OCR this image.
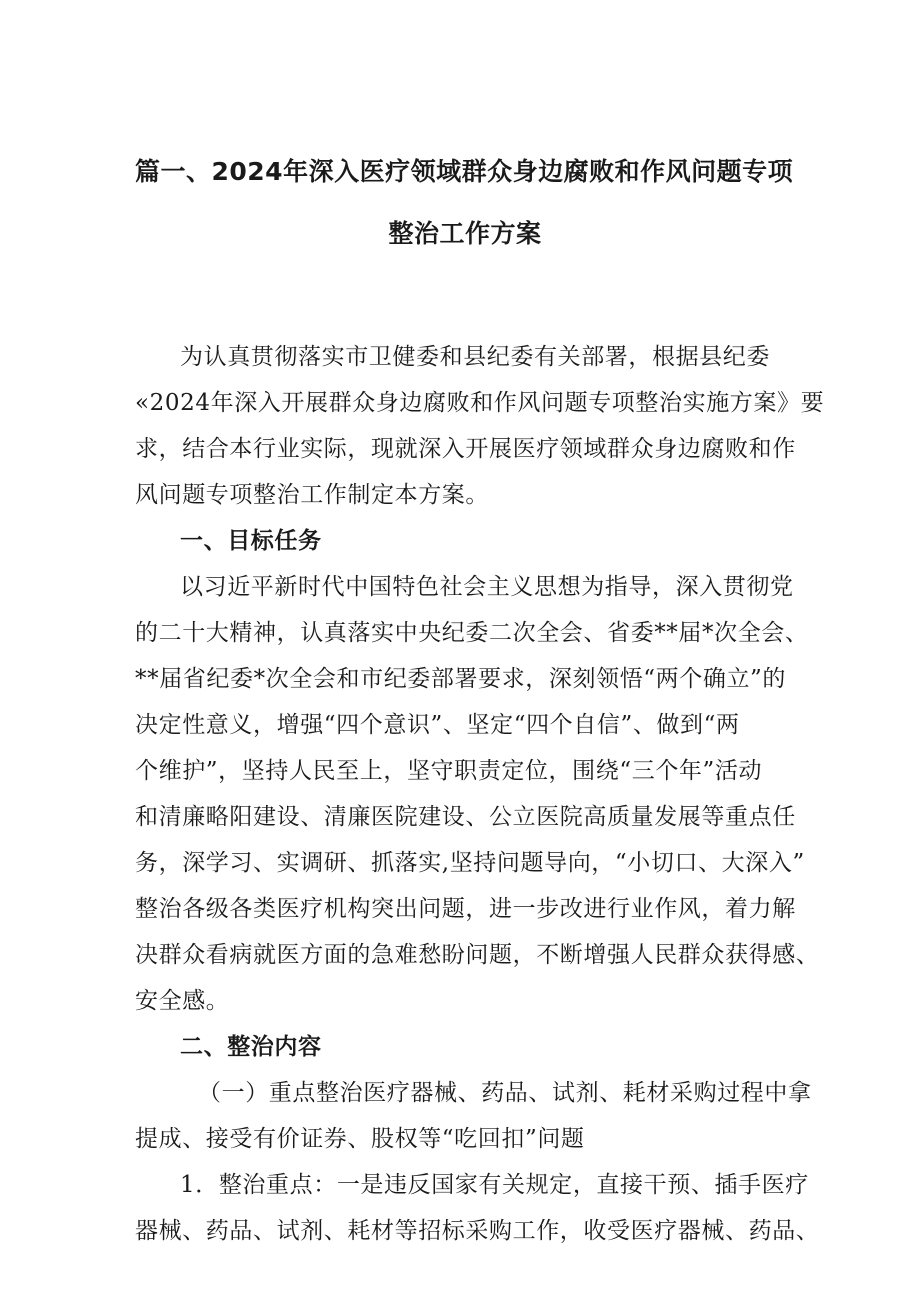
篇一、2024年深入医疗领域群众身边腐败和作风问题专项
整治工作方案
为认真贯彻落实市卫健委和县纪委有关部署，根据县纪委
«2024年深入开展群众身边腐败和作风问题专项整治实施方案》要
求，结合本行业实际，现就深入开展医疗领域群众身边腐败和作
风问题专项整治工作制定本方案。
一、目标任务
以习近平新时代中国特色社会主义思想为指导，深入贯彻党
的二十大精神，认真落实中央纪委二次全会、省委**届*次全会、
**届省纪委*次全会和市纪委部署要求，深刻领悟“两个确立”的
决定性意义，增强“四个意识”、坚定“四个自信”、做到“两
个维护”，坚持人民至上，坚守职责定位，围绕“三个年”活动
和清廉略阳建设、清廉医院建设、公立医院高质量发展等重点任
务，深学习、实调研、抓落实,坚持问题导向，“小切口、大深入”
整治各级各类医疗机构突出问题，进一步改进行业作风，着力解
决群众看病就医方面的急难愁盼问题，不断增强人民群众获得感、
安全感。
二、整治内容
（一）重点整治医疗器械、药品、试剂、耗材采购过程中拿
提成、接受有价证券、股权等“吃回扣”问题
1．整治重点：一是违反国家有关规定，直接干预、插手医疗
器械、药品、试剂、耗材等招标采购工作，收受医疗器械、药品、
